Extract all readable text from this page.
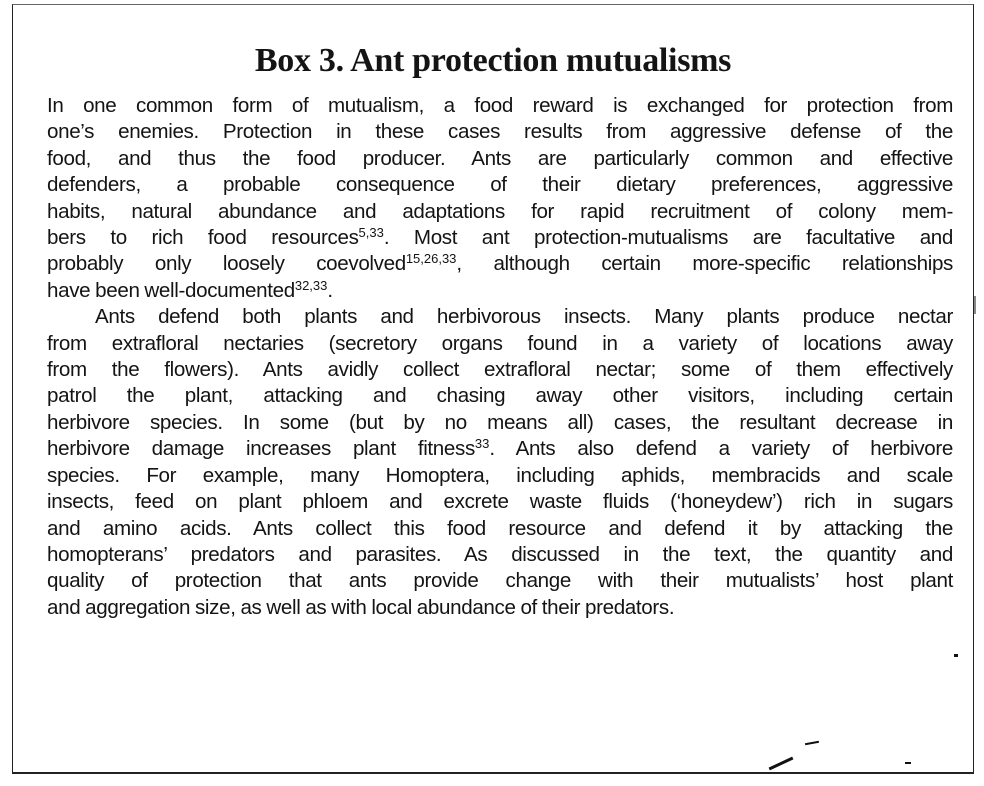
Box 3. Ant protection mutualisms

In one common form of mutualism, a food reward is exchanged for protection from
one’s enemies. Protection in these cases results from aggressive defense of the
food, and thus the food producer. Ants are particularly common and effective
defenders, a probable consequence of their dietary preferences, aggressive
habits, natural abundance and adaptations for rapid recruitment of colony mem-
bers to rich food resources$^{5,33}$. Most ant protection-mutualisms are facultative and
probably only loosely coevolved$^{15,26,33}$, although certain more-specific relationships
have been well-documented$^{32,33}$.

Ants defend both plants and herbivorous insects. Many plants produce nectar
from extrafloral nectaries (secretory organs found in a variety of locations away
from the flowers). Ants avidly collect extrafloral nectar; some of them effectively
patrol the plant, attacking and chasing away other visitors, including certain
herbivore species. In some (but by no means all) cases, the resultant decrease in
herbivore damage increases plant fitness$^{33}$. Ants also defend a variety of herbivore
species. For example, many Homoptera, including aphids, membracids and scale
insects, feed on plant phloem and excrete waste fluids (‘honeydew’) rich in sugars
and amino acids. Ants collect this food resource and defend it by attacking the
homopterans’ predators and parasites. As discussed in the text, the quantity and
quality of protection that ants provide change with their mutualists’ host plant
and aggregation size, as well as with local abundance of their predators.
